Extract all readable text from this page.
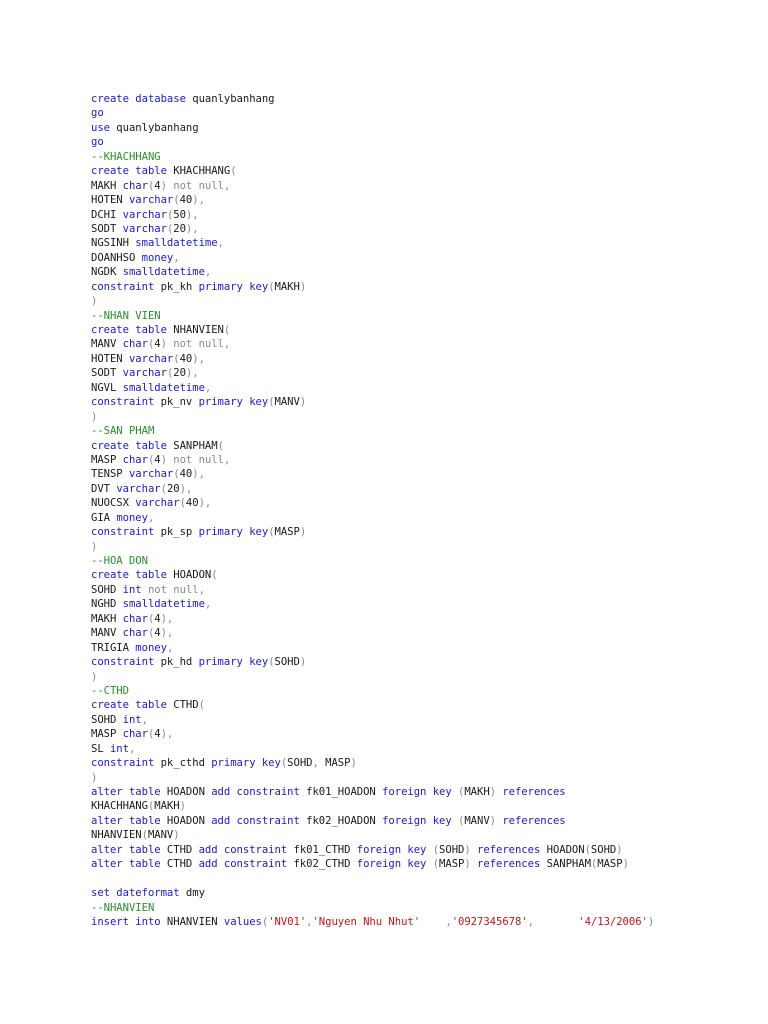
create database quanlybanhang
go
use quanlybanhang
go
--KHACHHANG
create table KHACHHANG(
MAKH char(4) not null,
HOTEN varchar(40),
DCHI varchar(50),
SODT varchar(20),
NGSINH smalldatetime,
DOANHSO money,
NGDK smalldatetime,
constraint pk_kh primary key(MAKH)
)
--NHAN VIEN
create table NHANVIEN(
MANV char(4) not null,
HOTEN varchar(40),
SODT varchar(20),
NGVL smalldatetime,
constraint pk_nv primary key(MANV)
)
--SAN PHAM
create table SANPHAM(
MASP char(4) not null,
TENSP varchar(40),
DVT varchar(20),
NUOCSX varchar(40),
GIA money,
constraint pk_sp primary key(MASP)
)
--HOA DON
create table HOADON(
SOHD int not null,
NGHD smalldatetime,
MAKH char(4),
MANV char(4),
TRIGIA money,
constraint pk_hd primary key(SOHD)
)
--CTHD
create table CTHD(
SOHD int,
MASP char(4),
SL int,
constraint pk_cthd primary key(SOHD, MASP)
)
alter table HOADON add constraint fk01_HOADON foreign key (MAKH) references
KHACHHANG(MAKH)
alter table HOADON add constraint fk02_HOADON foreign key (MANV) references
NHANVIEN(MANV)
alter table CTHD add constraint fk01_CTHD foreign key (SOHD) references HOADON(SOHD)
alter table CTHD add constraint fk02_CTHD foreign key (MASP) references SANPHAM(MASP)

set dateformat dmy
--NHANVIEN
insert into NHANVIEN values('NV01','Nguyen Nhu Nhut' ,'0927345678',	'4/13/2006')
